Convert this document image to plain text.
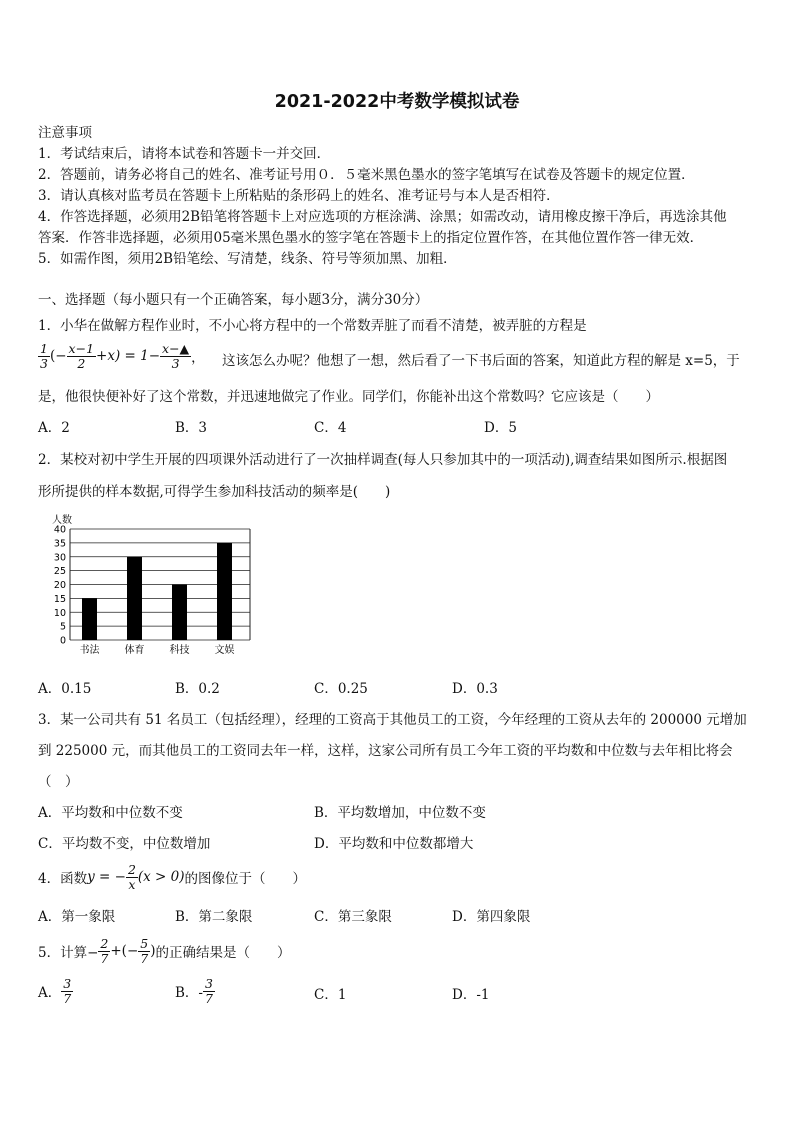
2021-2022中考数学模拟试卷
注意事项
1．考试结束后，请将本试卷和答题卡一并交回．
2．答题前，请务必将自己的姓名、准考证号用０．５毫米黑色墨水的签字笔填写在试卷及答题卡的规定位置．
3．请认真核对监考员在答题卡上所粘贴的条形码上的姓名、准考证号与本人是否相符．
4．作答选择题，必须用2B铅笔将答题卡上对应选项的方框涂满、涂黑；如需改动，请用橡皮擦干净后，再选涂其他
答案．作答非选择题，必须用05毫米黑色墨水的签字笔在答题卡上的指定位置作答，在其他位置作答一律无效．
5．如需作图，须用2B铅笔绘、写清楚，线条、符号等须加黑、加粗．
一、选择题（每小题只有一个正确答案，每小题3分，满分30分）
1．小华在做解方程作业时，不小心将方程中的一个常数弄脏了而看不清楚，被弄脏的方程是
$\frac{1}{3}$ (− $\frac{x-1}{2} +x) = 1- \frac{x-▲}{3}$ ， 这该怎么办呢？他想了一想，然后看了一下书后面的答案，知道此方程的解是 x=5，于
是，他很快便补好了这个常数，并迅速地做完了作业。同学们，你能补出这个常数吗？它应该是（　　）
A．2	B．3	C．4	D．5
2．某校对初中学生开展的四项课外活动进行了一次抽样调查(每人只参加其中的一项活动),调查结果如图所示.根据图
形所提供的样本数据,可得学生参加科技活动的频率是(　　)
人数
0
5
10
15
20
25
30
35
40
书法	体育	科技	文娱
A．0.15	B．0.2	C．0.25	D．0.3
3．某一公司共有 51 名员工（包括经理），经理的工资高于其他员工的工资，今年经理的工资从去年的 200000 元增加
到 225000 元，而其他员工的工资同去年一样，这样，这家公司所有员工今年工资的平均数和中位数与去年相比将会
（　）
A．平均数和中位数不变	B．平均数增加，中位数不变
C．平均数不变，中位数增加	D．平均数和中位数都增大
4．函数 y = − $\frac{2}{x} (x > 0)$ 的图像位于（　　）
A．第一象限	B．第二象限	C．第三象限	D．第四象限
5．计算− $\frac{2}{7}$ +(− $\frac{5}{7}$ ) 的正确结果是（　　）
A． $\frac{3}{7}$	B．- $\frac{3}{7}$	C．1	D．-1
